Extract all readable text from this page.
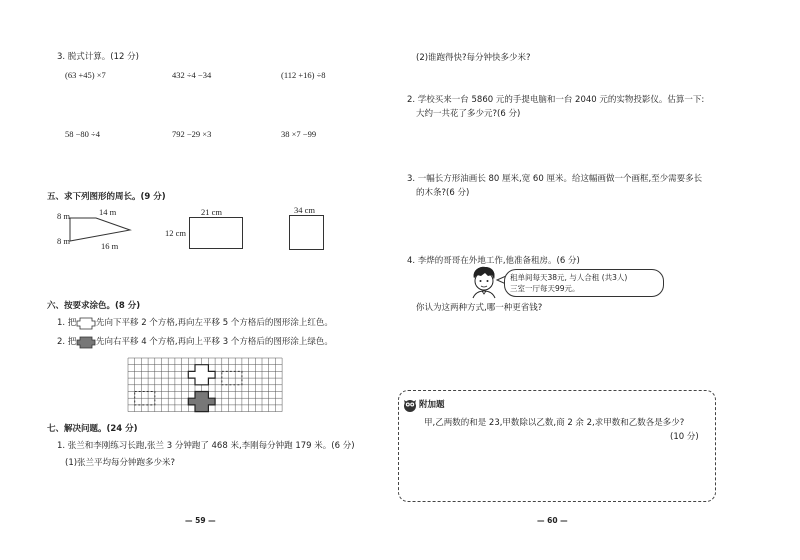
3. 脱式计算。(12 分)
(63 +45) ×7	432 ÷4 −34	(112 +16) ÷8
58 −80 ÷4	792 −29 ×3	38 ×7 −99
五、求下列图形的周长。(9 分)
8 m	14 m
8 m	16 m
21 cm
12 cm
34 cm
六、按要求涂色。(8 分)
1. 把 先向下平移 2 个方格,再向左平移 5 个方格后的图形涂上红色。
2. 把 先向右平移 4 个方格,再向上平移 3 个方格后的图形涂上绿色。
七、解决问题。(24 分)
1. 张兰和李刚练习长跑,张兰 3 分钟跑了 468 米,李刚每分钟跑 179 米。(6 分)
(1)张兰平均每分钟跑多少米?
— 59 —
(2)谁跑得快?每分钟快多少米?
2. 学校买来一台 5860 元的手提电脑和一台 2040 元的实物投影仪。估算一下:
大约一共花了多少元?(6 分)
3. 一幅长方形油画长 80 厘米,宽 60 厘米。给这幅画做一个画框,至少需要多长
的木条?(6 分)
4. 李烨的哥哥在外地工作,他准备租房。(6 分)
租单间每天38元, 与人合租 (共3人)
三室一厅每天99元。
你认为这两种方式,哪一种更省钱?
附加题
甲,乙两数的和是 23,甲数除以乙数,商 2 余 2,求甲数和乙数各是多少?
(10 分)
— 60 —
